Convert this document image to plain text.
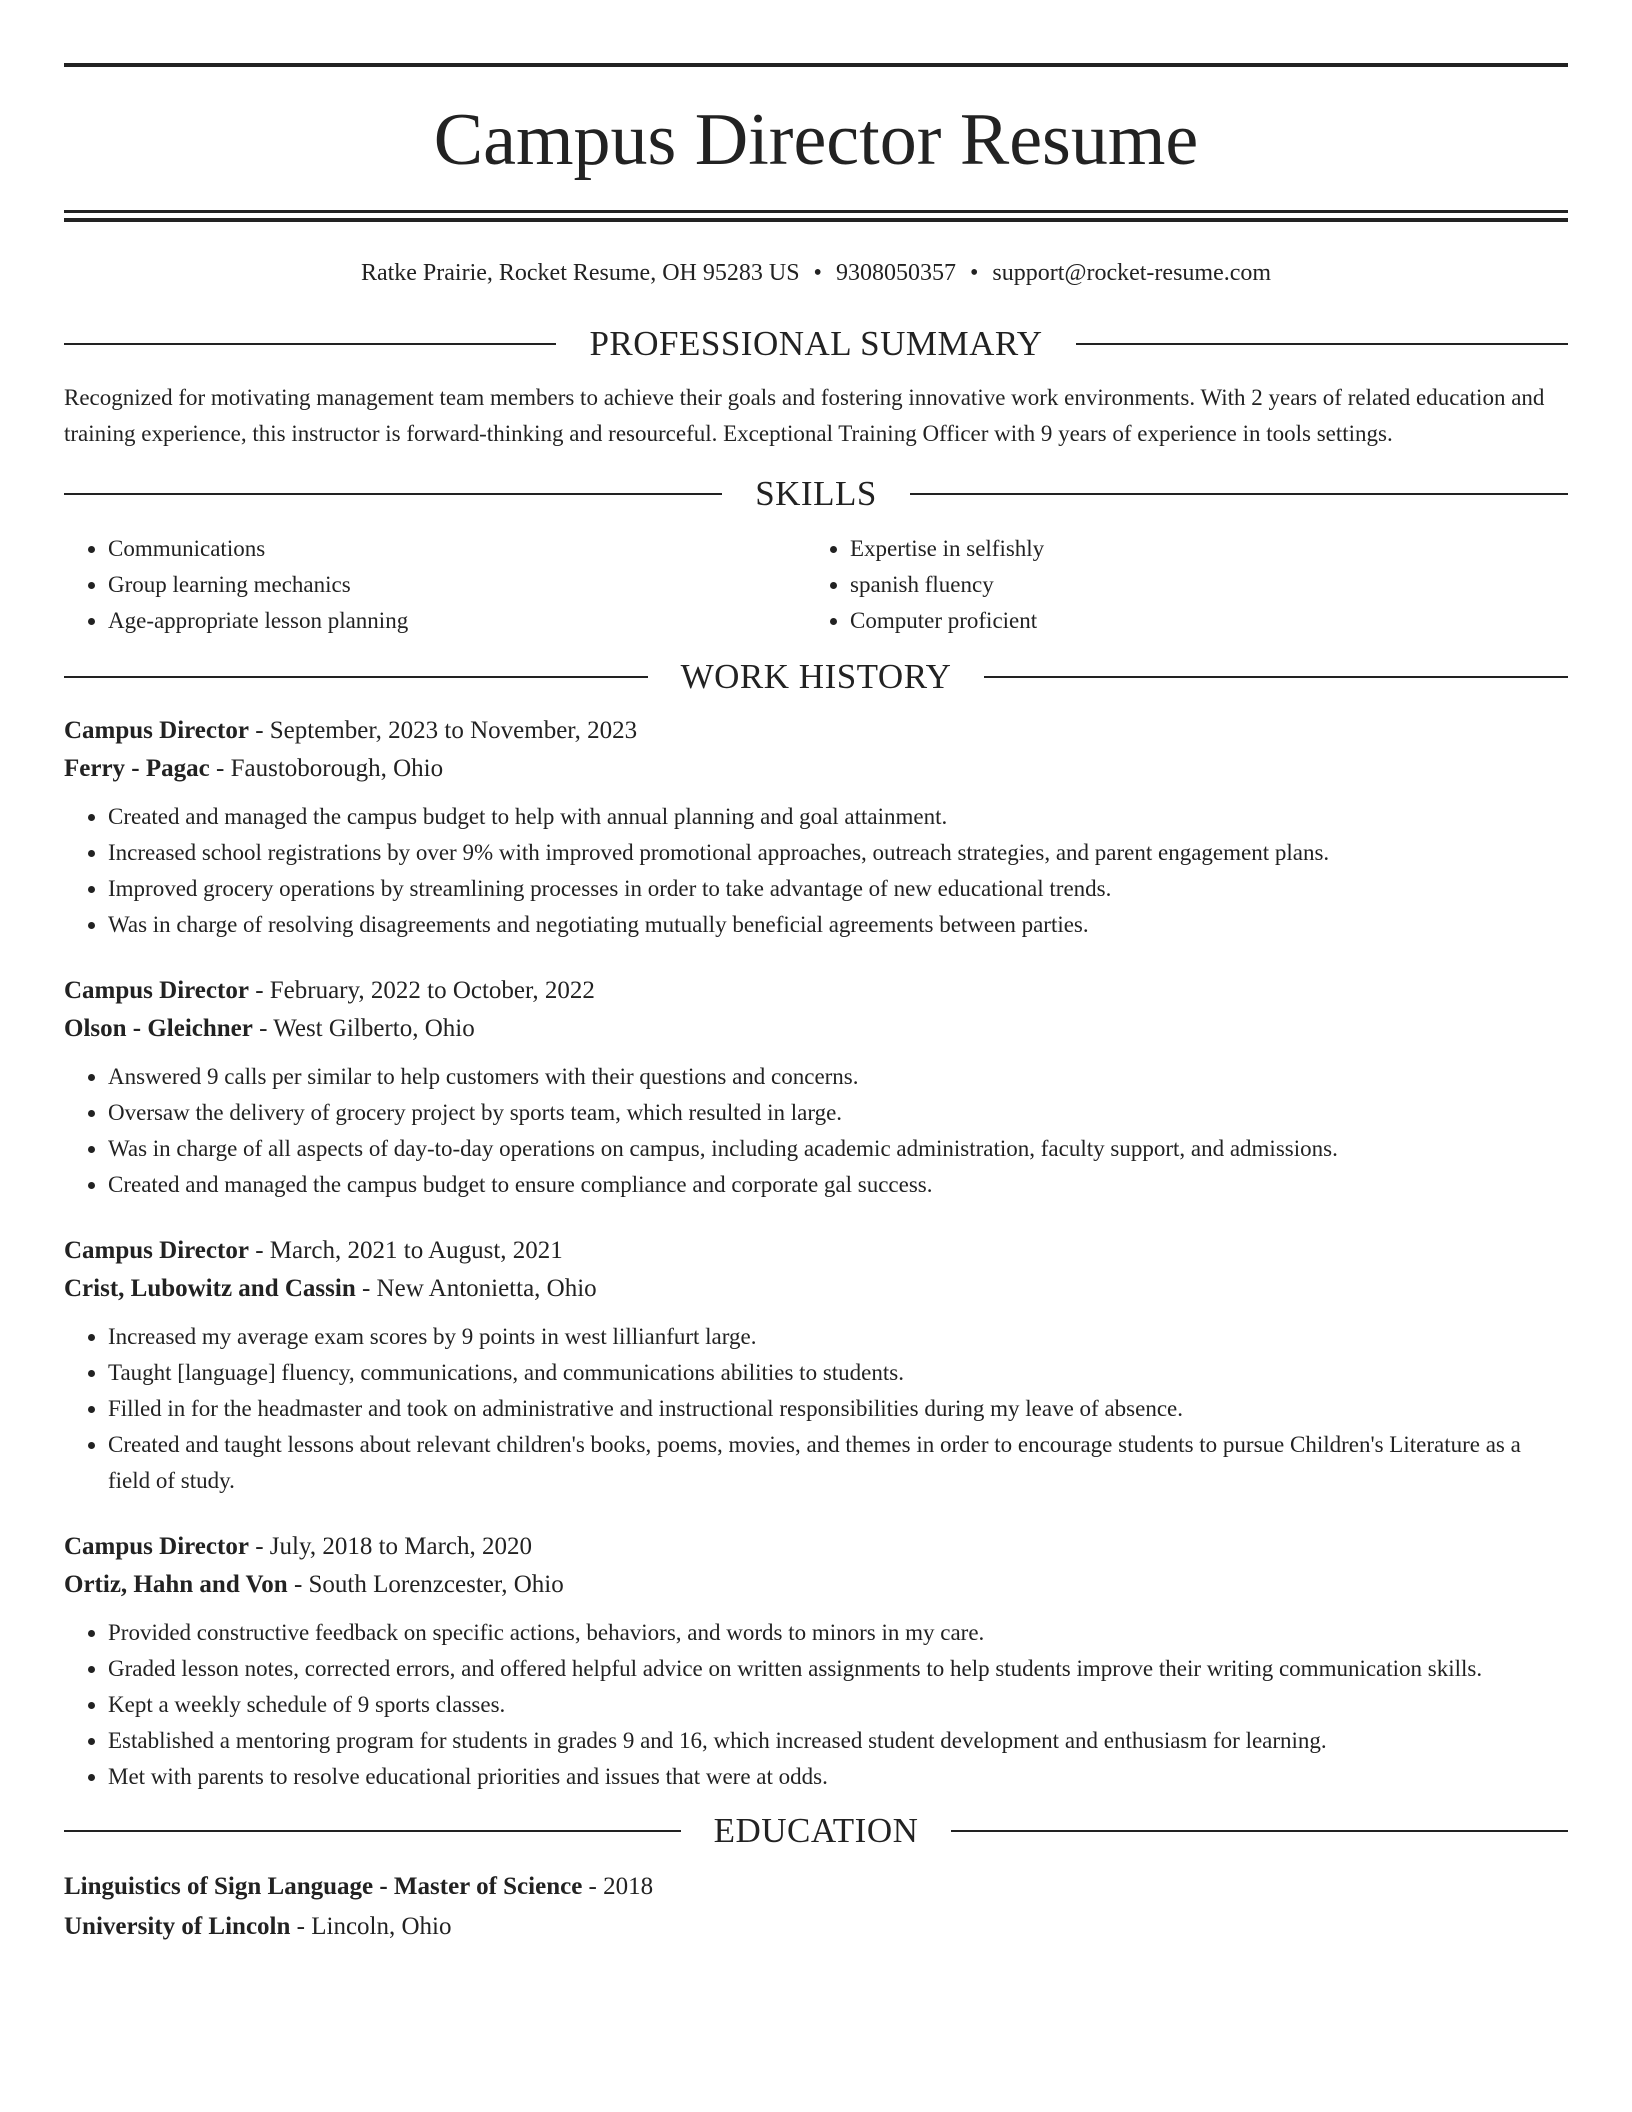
Campus Director Resume
Ratke Prairie, Rocket Resume, OH 95283 US • 9308050357 • support@rocket-resume.com
PROFESSIONAL SUMMARY
Recognized for motivating management team members to achieve their goals and fostering innovative work environments. With 2 years of related education and training experience, this instructor is forward-thinking and resourceful. Exceptional Training Officer with 9 years of experience in tools settings.
SKILLS
• Communications
• Group learning mechanics
• Age-appropriate lesson planning
• Expertise in selfishly
• spanish fluency
• Computer proficient
WORK HISTORY
Campus Director - September, 2023 to November, 2023
Ferry - Pagac - Faustoborough, Ohio
• Created and managed the campus budget to help with annual planning and goal attainment.
• Increased school registrations by over 9% with improved promotional approaches, outreach strategies, and parent engagement plans.
• Improved grocery operations by streamlining processes in order to take advantage of new educational trends.
• Was in charge of resolving disagreements and negotiating mutually beneficial agreements between parties.
Campus Director - February, 2022 to October, 2022
Olson - Gleichner - West Gilberto, Ohio
• Answered 9 calls per similar to help customers with their questions and concerns.
• Oversaw the delivery of grocery project by sports team, which resulted in large.
• Was in charge of all aspects of day-to-day operations on campus, including academic administration, faculty support, and admissions.
• Created and managed the campus budget to ensure compliance and corporate gal success.
Campus Director - March, 2021 to August, 2021
Crist, Lubowitz and Cassin - New Antonietta, Ohio
• Increased my average exam scores by 9 points in west lillianfurt large.
• Taught [language] fluency, communications, and communications abilities to students.
• Filled in for the headmaster and took on administrative and instructional responsibilities during my leave of absence.
• Created and taught lessons about relevant children's books, poems, movies, and themes in order to encourage students to pursue Children's Literature as a field of study.
Campus Director - July, 2018 to March, 2020
Ortiz, Hahn and Von - South Lorenzcester, Ohio
• Provided constructive feedback on specific actions, behaviors, and words to minors in my care.
• Graded lesson notes, corrected errors, and offered helpful advice on written assignments to help students improve their writing communication skills.
• Kept a weekly schedule of 9 sports classes.
• Established a mentoring program for students in grades 9 and 16, which increased student development and enthusiasm for learning.
• Met with parents to resolve educational priorities and issues that were at odds.
EDUCATION
Linguistics of Sign Language - Master of Science - 2018
University of Lincoln - Lincoln, Ohio
